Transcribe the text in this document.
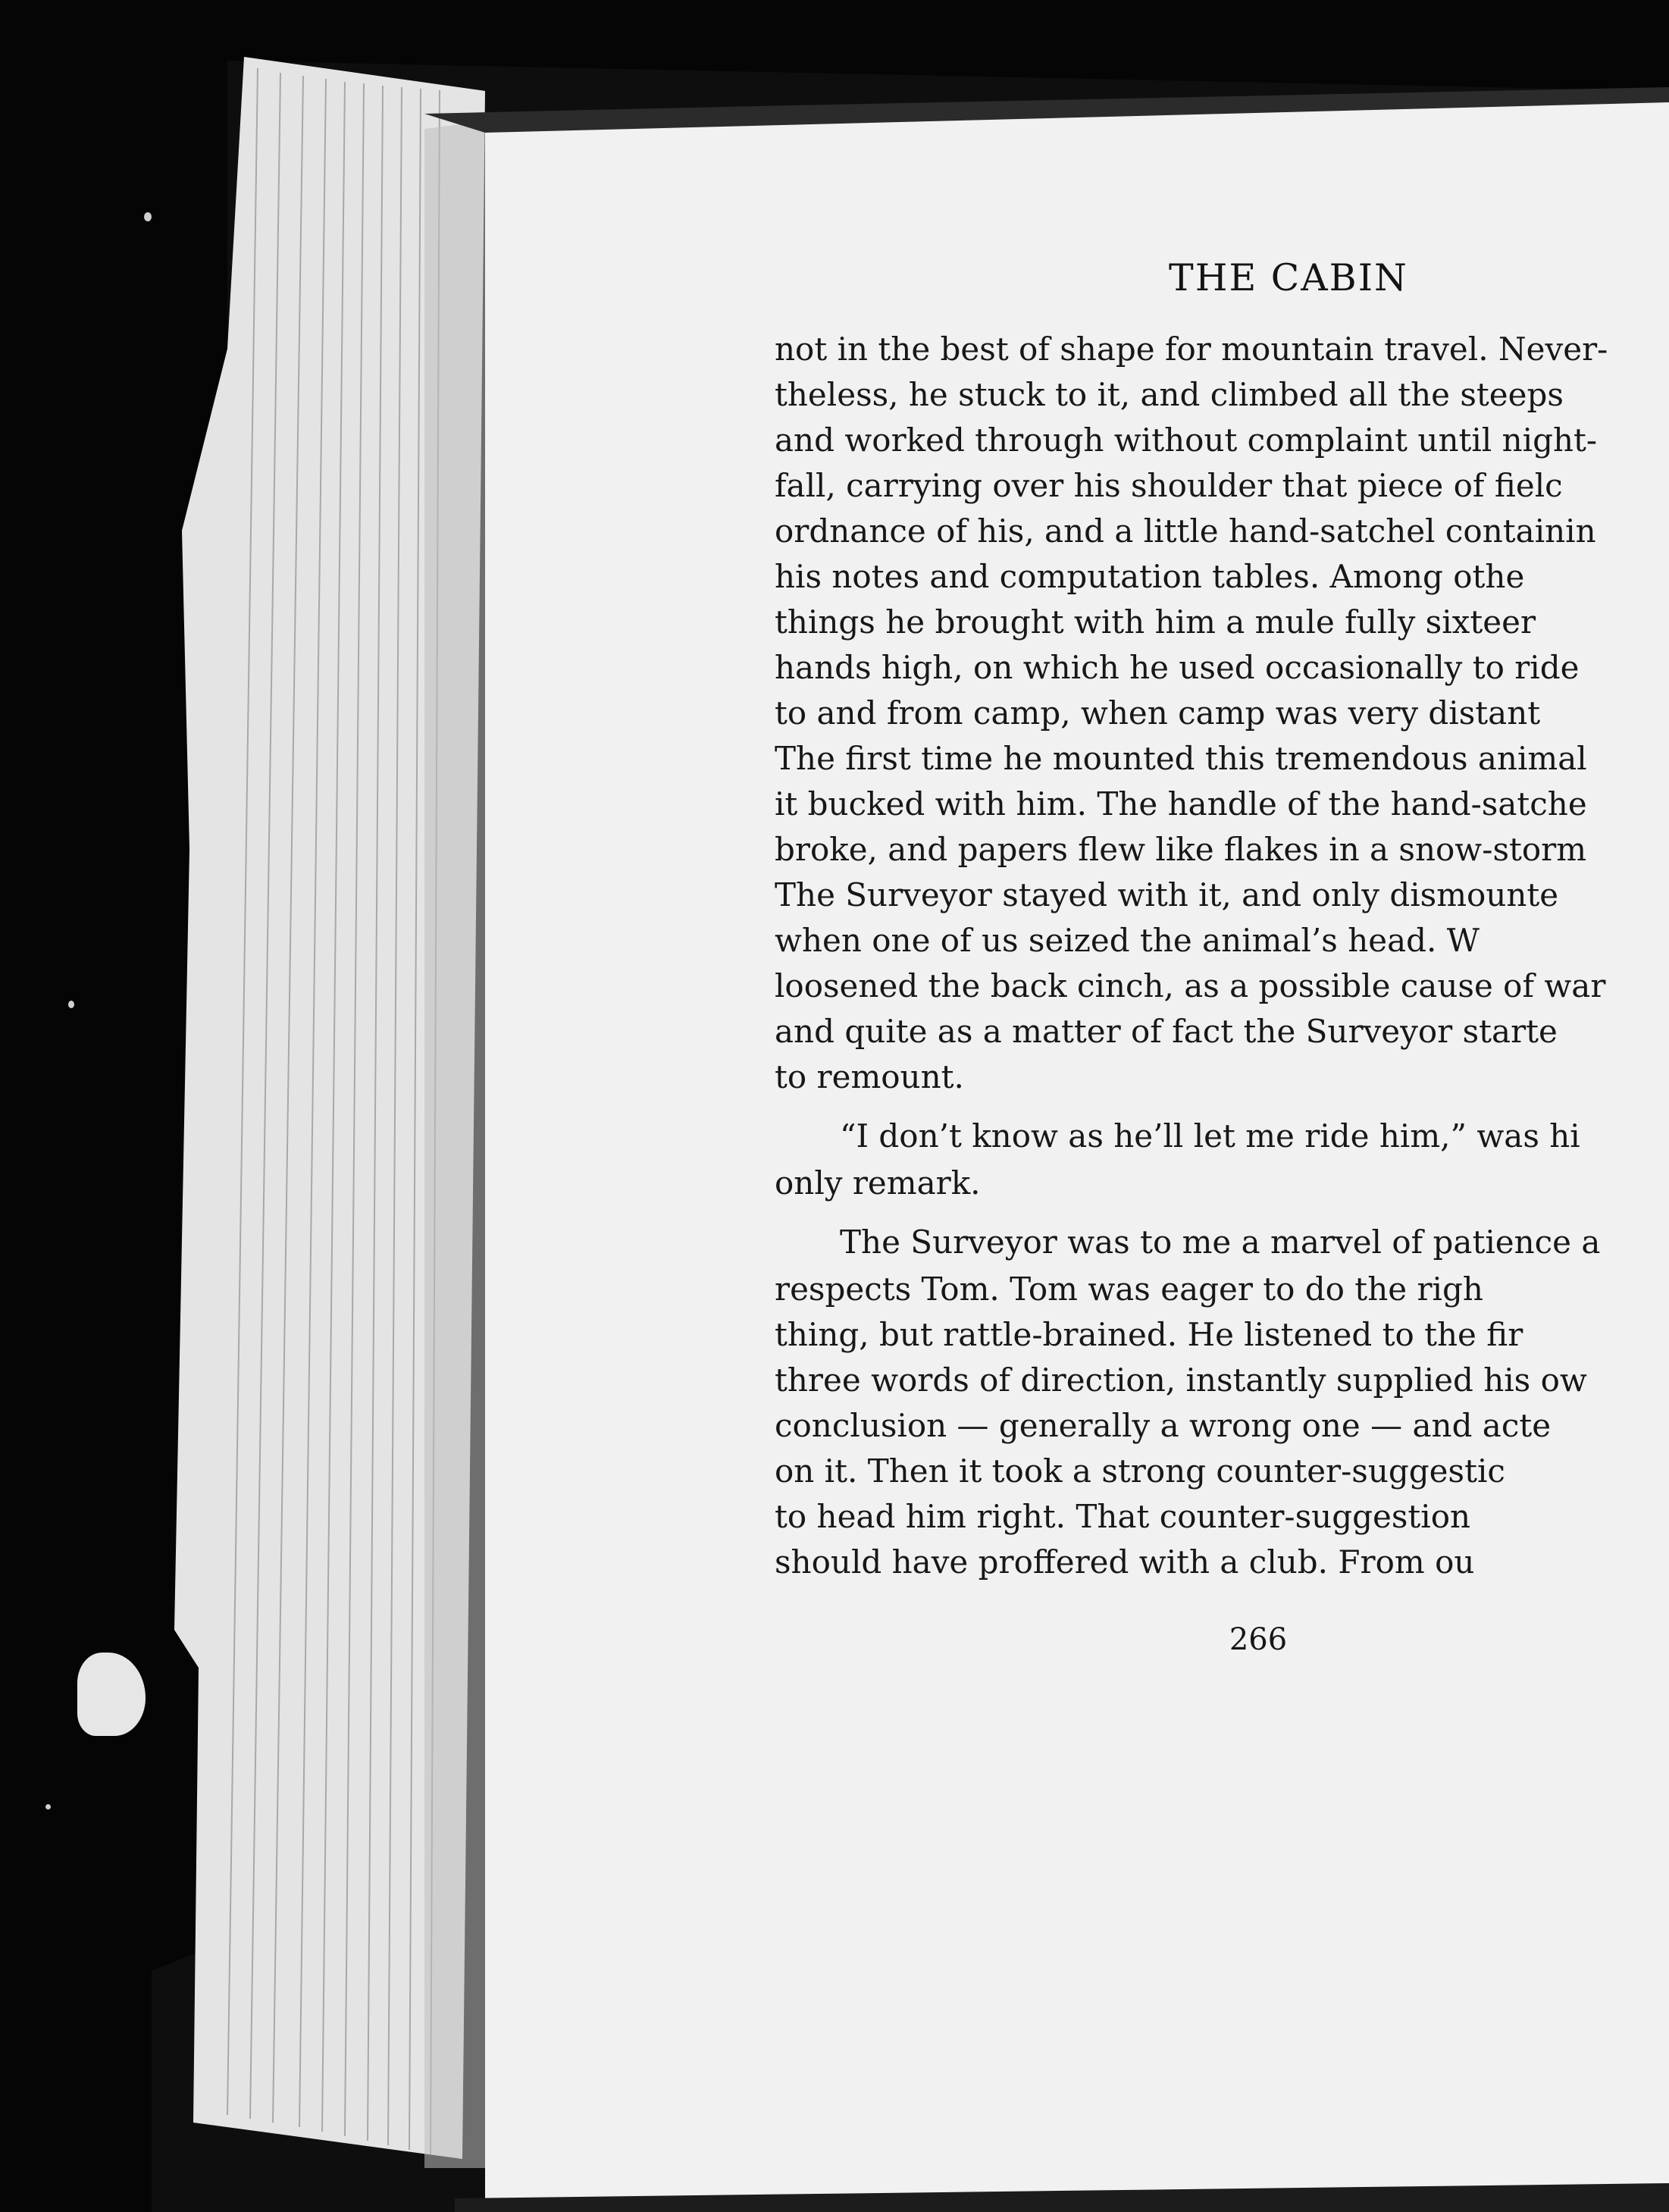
THE CABIN
not in the best of shape for mountain travel. Never-
theless, he stuck to it, and climbed all the steeps
and worked through without complaint until night-
fall, carrying over his shoulder that piece of fielc
ordnance of his, and a little hand-satchel containin
his notes and computation tables. Among othe
things he brought with him a mule fully sixteer
hands high, on which he used occasionally to ride
to and from camp, when camp was very distant
The first time he mounted this tremendous animal
it bucked with him. The handle of the hand-satche
broke, and papers flew like flakes in a snow-storm
The Surveyor stayed with it, and only dismounte
when one of us seized the animal’s head. W
loosened the back cinch, as a possible cause of war
and quite as a matter of fact the Surveyor starte
to remount.
“I don’t know as he’ll let me ride him,” was hi
only remark.
The Surveyor was to me a marvel of patience a
respects Tom. Tom was eager to do the righ
thing, but rattle-brained. He listened to the fir
three words of direction, instantly supplied his ow
conclusion — generally a wrong one — and acte
on it. Then it took a strong counter-suggestic
to head him right. That counter-suggestion
should have proffered with a club. From ou
266
